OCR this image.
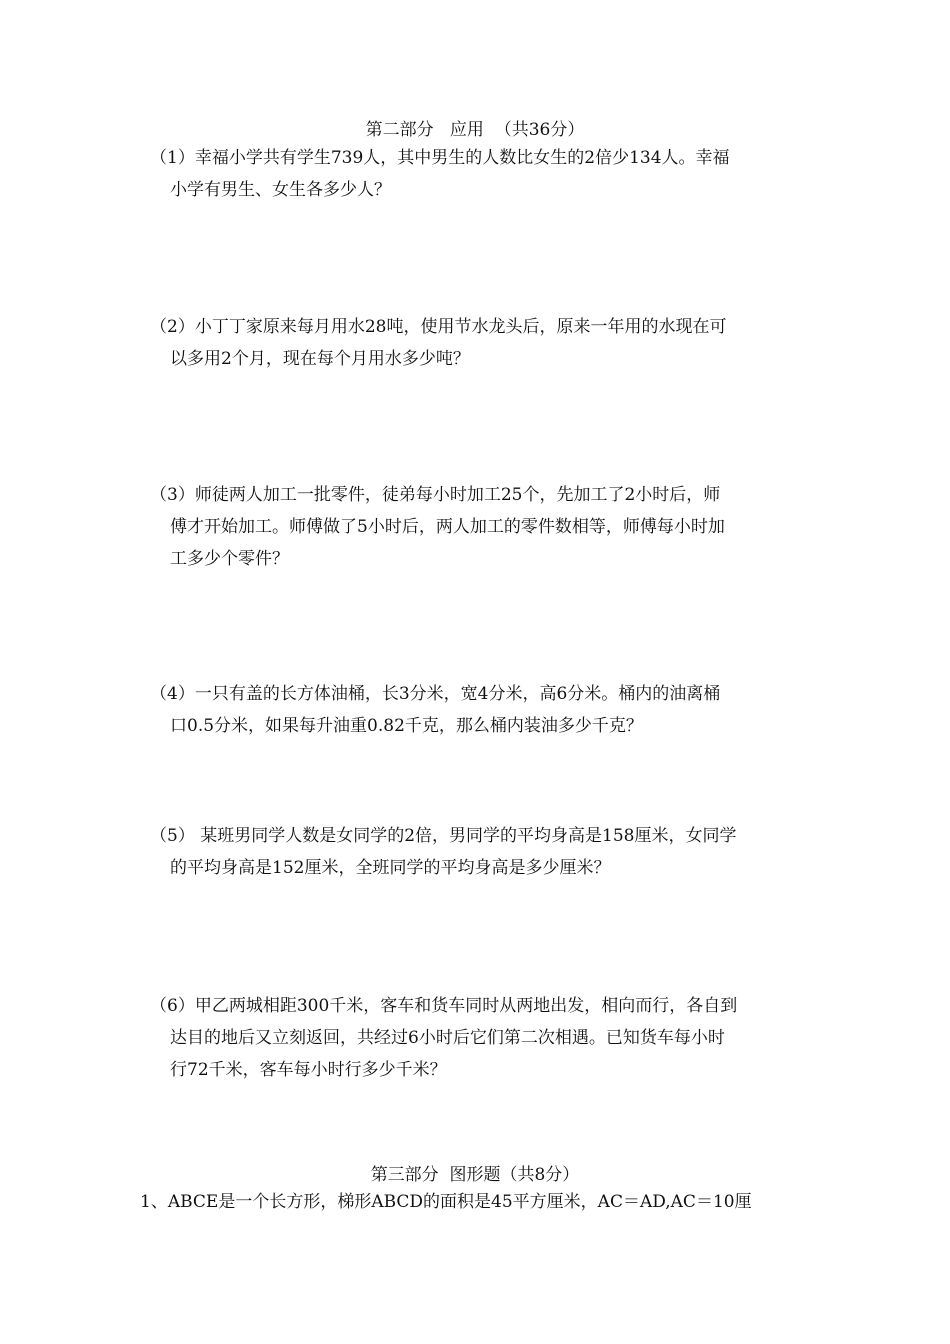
第二部分   应用  （共36分）
（1）幸福小学共有学生739人，其中男生的人数比女生的2倍少134人。幸福
小学有男生、女生各多少人？
（2）小丁丁家原来每月用水28吨，使用节水龙头后，原来一年用的水现在可
以多用2个月，现在每个月用水多少吨？
（3）师徒两人加工一批零件，徒弟每小时加工25个，先加工了2小时后，师
傅才开始加工。师傅做了5小时后，两人加工的零件数相等，师傅每小时加
工多少个零件？
（4）一只有盖的长方体油桶，长3分米，宽4分米，高6分米。桶内的油离桶
口0.5分米，如果每升油重0.82千克，那么桶内装油多少千克？
（5） 某班男同学人数是女同学的2倍，男同学的平均身高是158厘米，女同学
的平均身高是152厘米，全班同学的平均身高是多少厘米？
（6）甲乙两城相距300千米，客车和货车同时从两地出发，相向而行，各自到
达目的地后又立刻返回，共经过6小时后它们第二次相遇。已知货车每小时
行72千米，客车每小时行多少千米？
第三部分  图形题（共8分）
1、ABCE是一个长方形，梯形ABCD的面积是45平方厘米，AC＝AD,AC＝10厘
